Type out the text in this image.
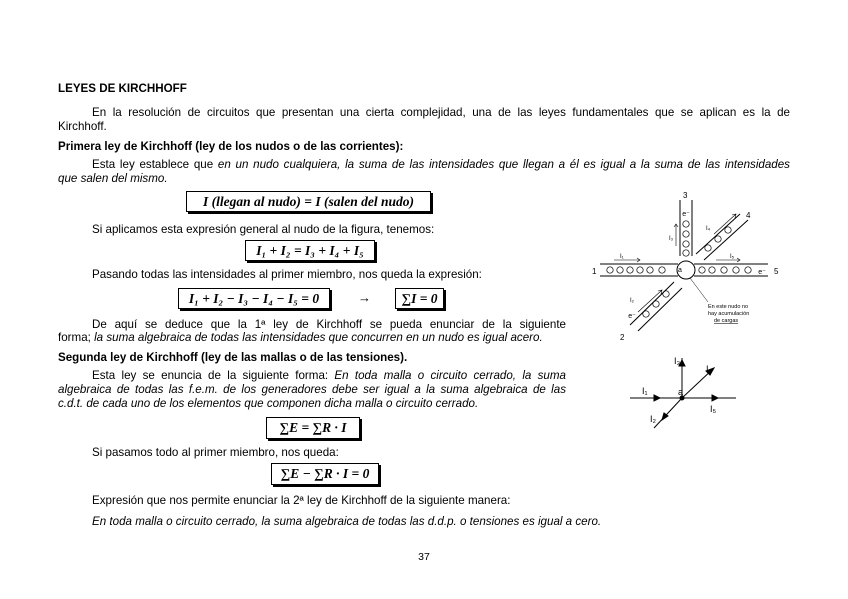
LEYES DE KIRCHHOFF
En la resolución de circuitos que presentan una cierta complejidad, una de las leyes fundamentales que se aplican es la de
Kirchhoff.
Primera ley de Kirchhoff (ley de los nudos o de las corrientes):
Esta ley establece que en un nudo cualquiera, la suma de las intensidades que llegan a él es igual a la suma de las intensidades
que salen del mismo.
I (llegan al nudo) = I (salen del nudo)
Si aplicamos esta expresión general al nudo de la figura, tenemos:
I₁ + I₂ = I₃ + I₄ + I₅
Pasando todas las intensidades al primer miembro, nos queda la expresión:
I₁ + I₂ − I₃ − I₄ − I₅ = 0	→ ∑I = 0
De aquí se deduce que la 1ª ley de Kirchhoff se pueda enunciar de la siguiente
forma; la suma algebraica de todas las intensidades que concurren en un nudo es igual acero.
Segunda ley de Kirchhoff (ley de las mallas o de las tensiones).
Esta ley se enuncia de la siguiente forma: En toda malla o circuito cerrado, la suma
algebraica de todas las f.e.m. de los generadores debe ser igual a la suma algebraica de las
c.d.t. de cada uno de los elementos que componen dicha malla o circuito cerrado.
∑E = ∑R · I
Si pasamos todo al primer miembro, nos queda:
∑E − ∑R · I = 0
Expresión que nos permite enunciar la 2ª ley de Kirchhoff de la siguiente manera:
En toda malla o circuito cerrado, la suma algebraica de todas las d.d.p. o tensiones es igual a cero.
e⁻
e⁻
e⁻
1
2
3
4
5
a
I₁
I₂
I₃
I₄
I₅
En este nudo no
hay acumulación
de cargas
I₃
I₄
I₁	a
I₅
I₂
37
